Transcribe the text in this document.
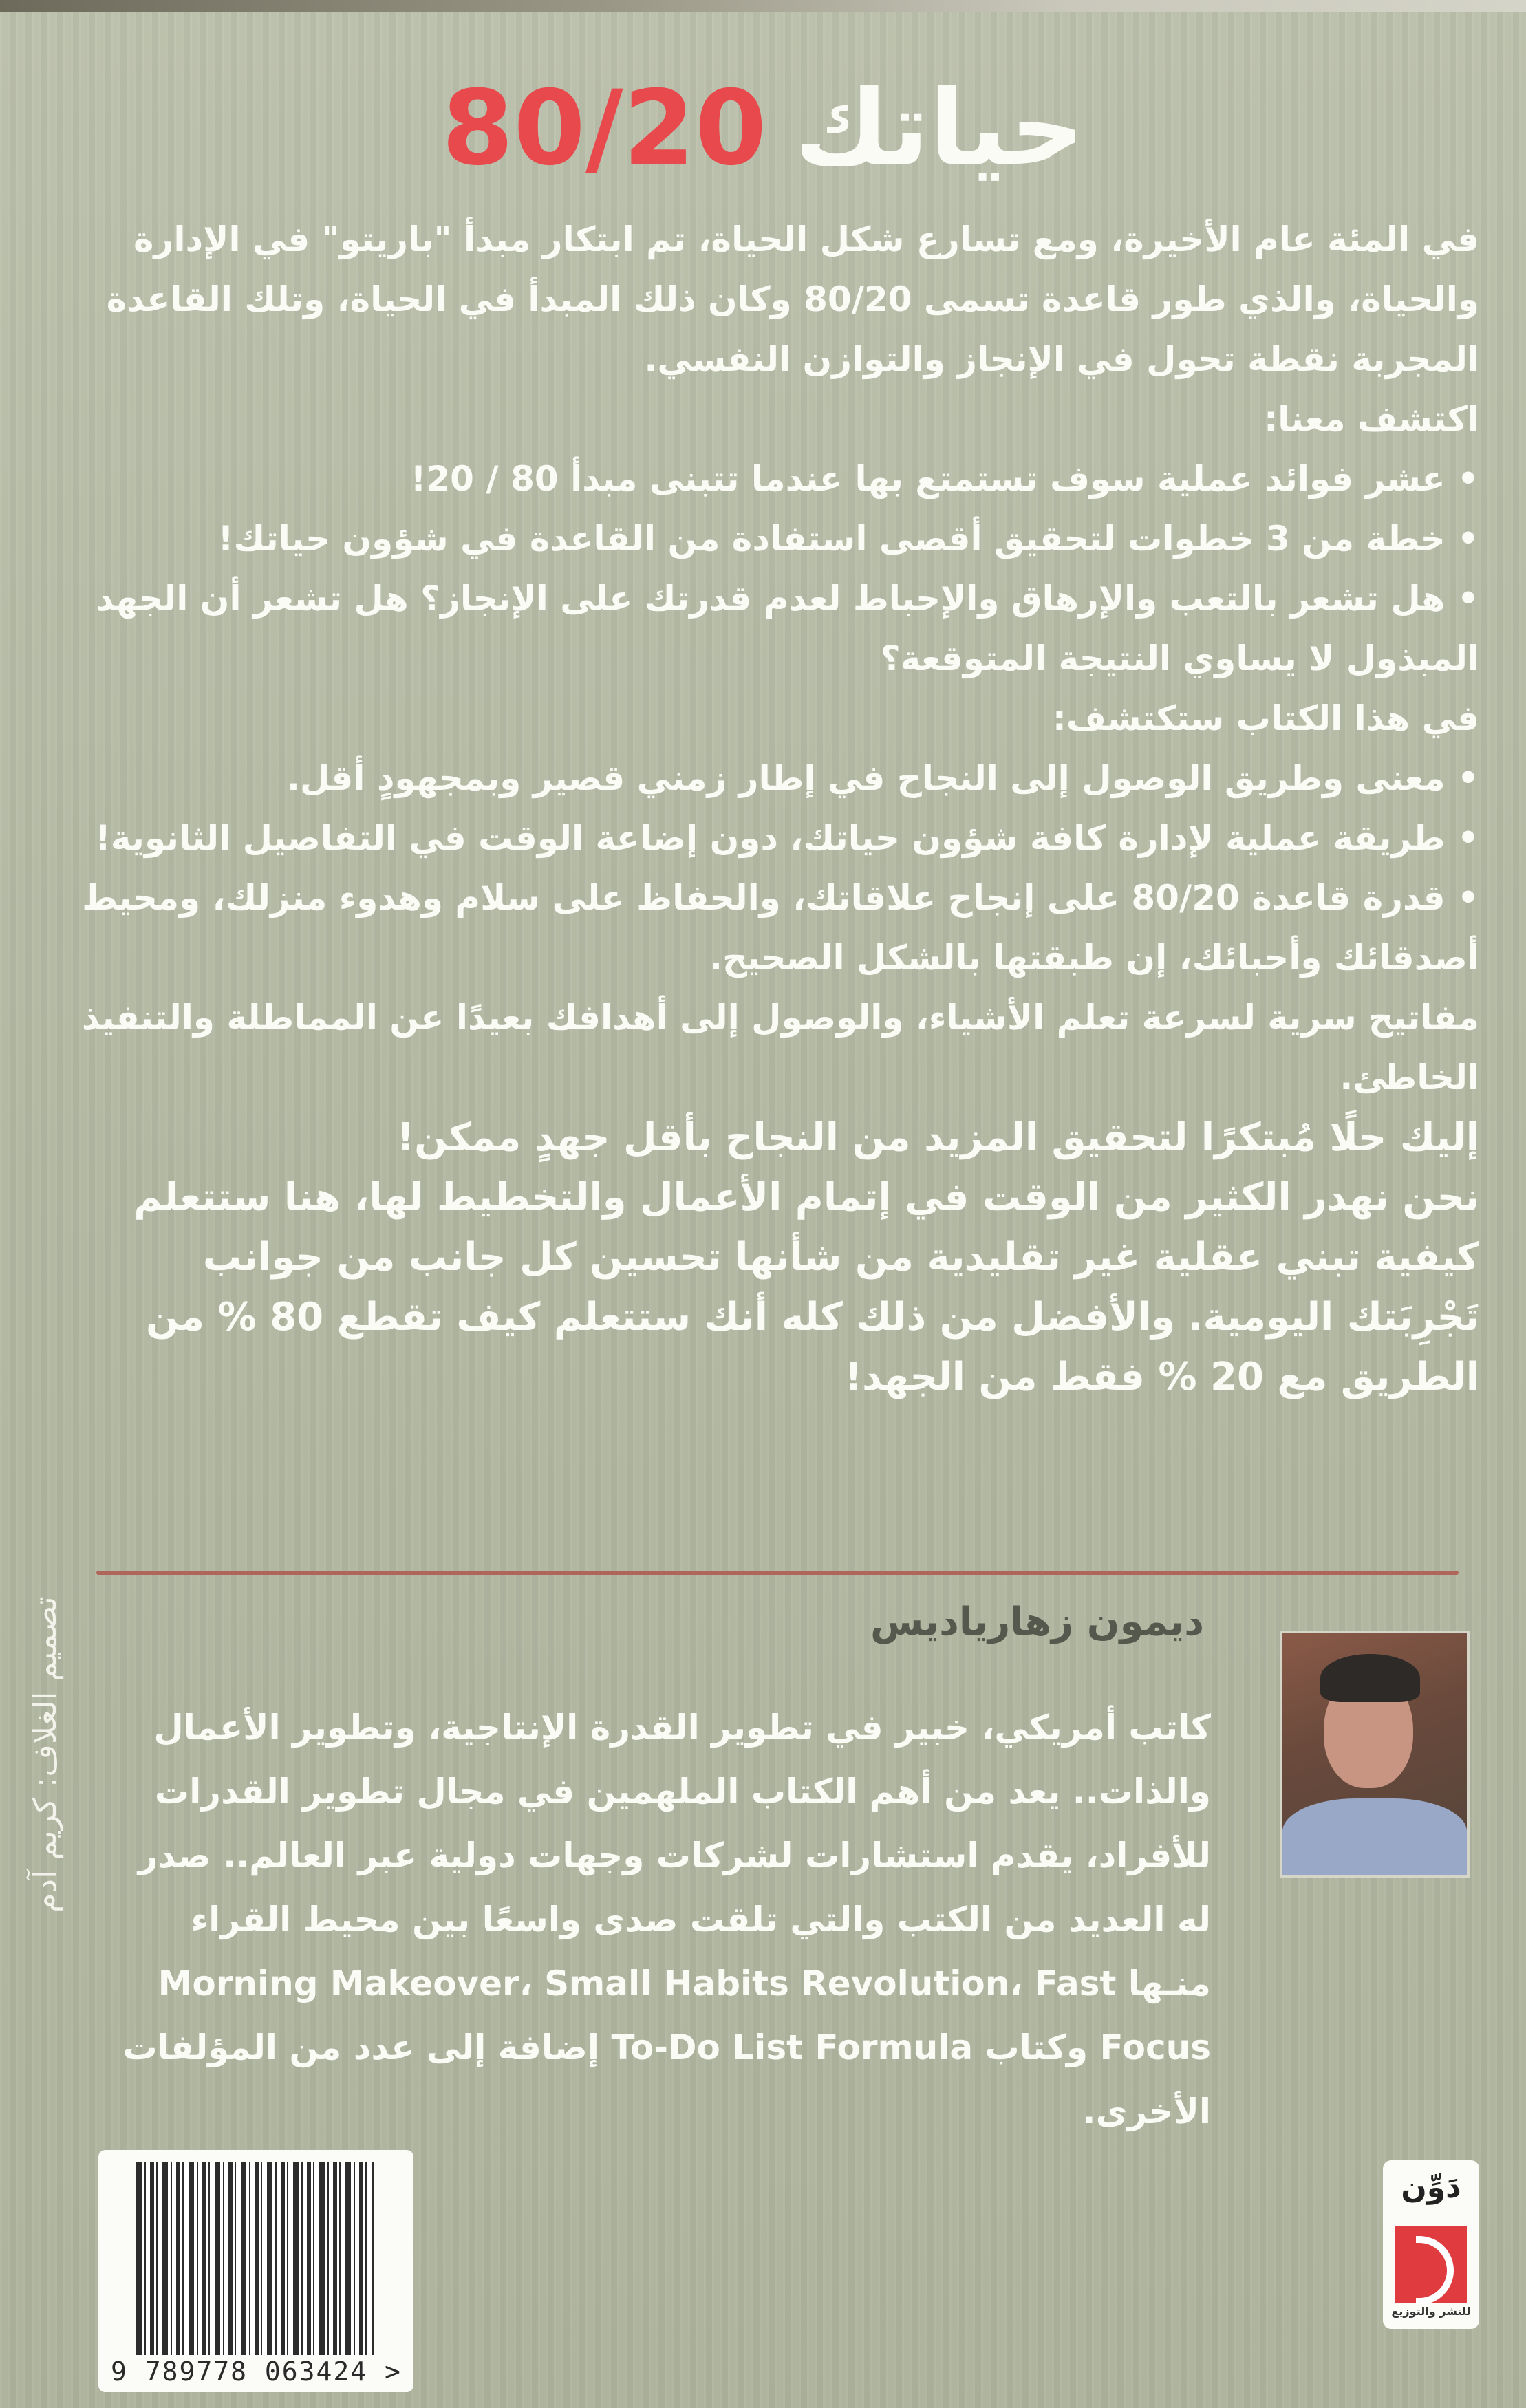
حياتك
80/20

في المئة عام الأخيرة، ومع تسارع شكل الحياة، تم ابتكار مبدأ "باريتو" في الإدارة والحياة، والذي طور قاعدة تسمى 80/20 وكان ذلك المبدأ في الحياة، وتلك القاعدة المجربة نقطة تحول في الإنجاز والتوازن النفسي.

اكتشف معنا:

• عشر فوائد عملية سوف تستمتع بها عندما تتبنى مبدأ 80 / 20!

• خطة من 3 خطوات لتحقيق أقصى استفادة من القاعدة في شؤون حياتك!

• هل تشعر بالتعب والإرهاق والإحباط لعدم قدرتك على الإنجاز؟ هل تشعر أن الجهد المبذول لا يساوي النتيجة المتوقعة؟

في هذا الكتاب ستكتشف:

• معنى وطريق الوصول إلى النجاح في إطار زمني قصير وبمجهودٍ أقل.

• طريقة عملية لإدارة كافة شؤون حياتك، دون إضاعة الوقت في التفاصيل الثانوية!

• قدرة قاعدة 80/20 على إنجاح علاقاتك، والحفاظ على سلام وهدوء منزلك، ومحيط أصدقائك وأحبائك، إن طبقتها بالشكل الصحيح.

مفاتيح سرية لسرعة تعلم الأشياء، والوصول إلى أهدافك بعيدًا عن المماطلة والتنفيذ الخاطئ.

إليك حلًا مُبتكرًا لتحقيق المزيد من النجاح بأقل جهدٍ ممكن!

نحن نهدر الكثير من الوقت في إتمام الأعمال والتخطيط لها، هنا ستتعلم كيفية تبني عقلية غير تقليدية من شأنها تحسين كل جانب من جوانب تَجْرِبَتك اليومية. والأفضل من ذلك كله أنك ستتعلم كيف تقطع 80 % من الطريق مع 20 % فقط من الجهد!

ديمون زهارياديس

كاتب أمريكي، خبير في تطوير القدرة الإنتاجية، وتطوير الأعمال والذات.. يعد من أهم الكتاب الملهمين في مجال تطوير القدرات للأفراد، يقدم استشارات لشركات وجهات دولية عبر العالم.. صدر له العديد من الكتب والتي تلقت صدى واسعًا بين محيط القراء منـها Morning Makeover، Small Habits Revolution، Fast Focus وكتاب To-Do List Formula إضافة إلى عدد من المؤلفات الأخرى.

تصميم الغلاف: كريم آدم
9 789778 063424 >
دَوِّن
للنشر والتوزيع
